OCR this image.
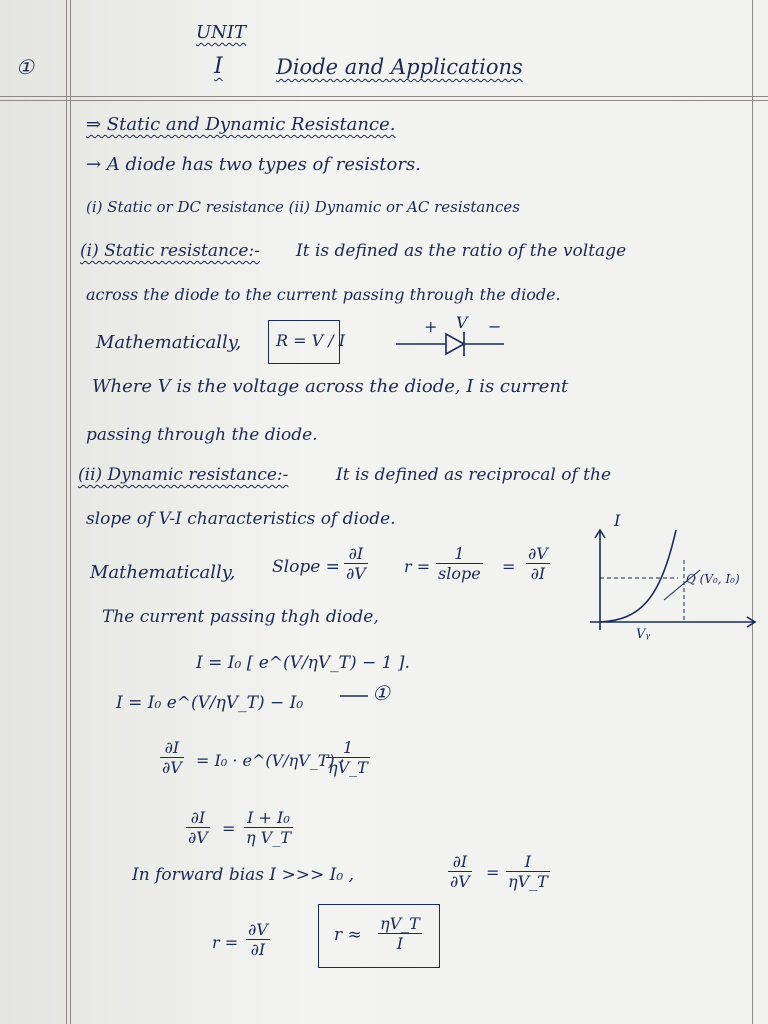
①
UNIT
I	Diode and Applications
⇒ Static and Dynamic Resistance.
→ A diode has two types of resistors.
(i) Static or DC resistance (ii) Dynamic or AC resistances
(i) Static resistance:- It is defined as the ratio of the voltage
across the diode to the current passing through the diode.
Mathematically, R = V / I
+ V −
Where V is the voltage across the diode, I is current
passing through the diode.
(ii) Dynamic resistance:-	It is defined as reciprocal of the
slope of V-I characteristics of diode.
Mathematically, Slope = $\frac{\partial I}{\partial V}$ r =
1
slope = $\frac{\partial V}{\partial I}$
I
Q (V₀, I₀)
Vᵧ
The current passing thgh diode,
I = I₀ [ e^(V/ηV_T) − 1 ].
I = I₀ e^(V/ηV_T) − I₀	①
$\frac{\partial I}{\partial V} = I_0$ · e^(V/ηV_T) ·
$\frac{1}{\eta V\_T}$
$\frac{\partial I}{\partial V} = \frac{\text{I + I₀}}{\text{η V\_T}}$
In forward bias I >>> I₀ ,	$\frac{\partial I}{\partial V} = \frac{I}{\eta V\_T}$
$r = \frac{\partial V}{\partial I}$	$r \approx \frac{\eta V\_T}{I}$
